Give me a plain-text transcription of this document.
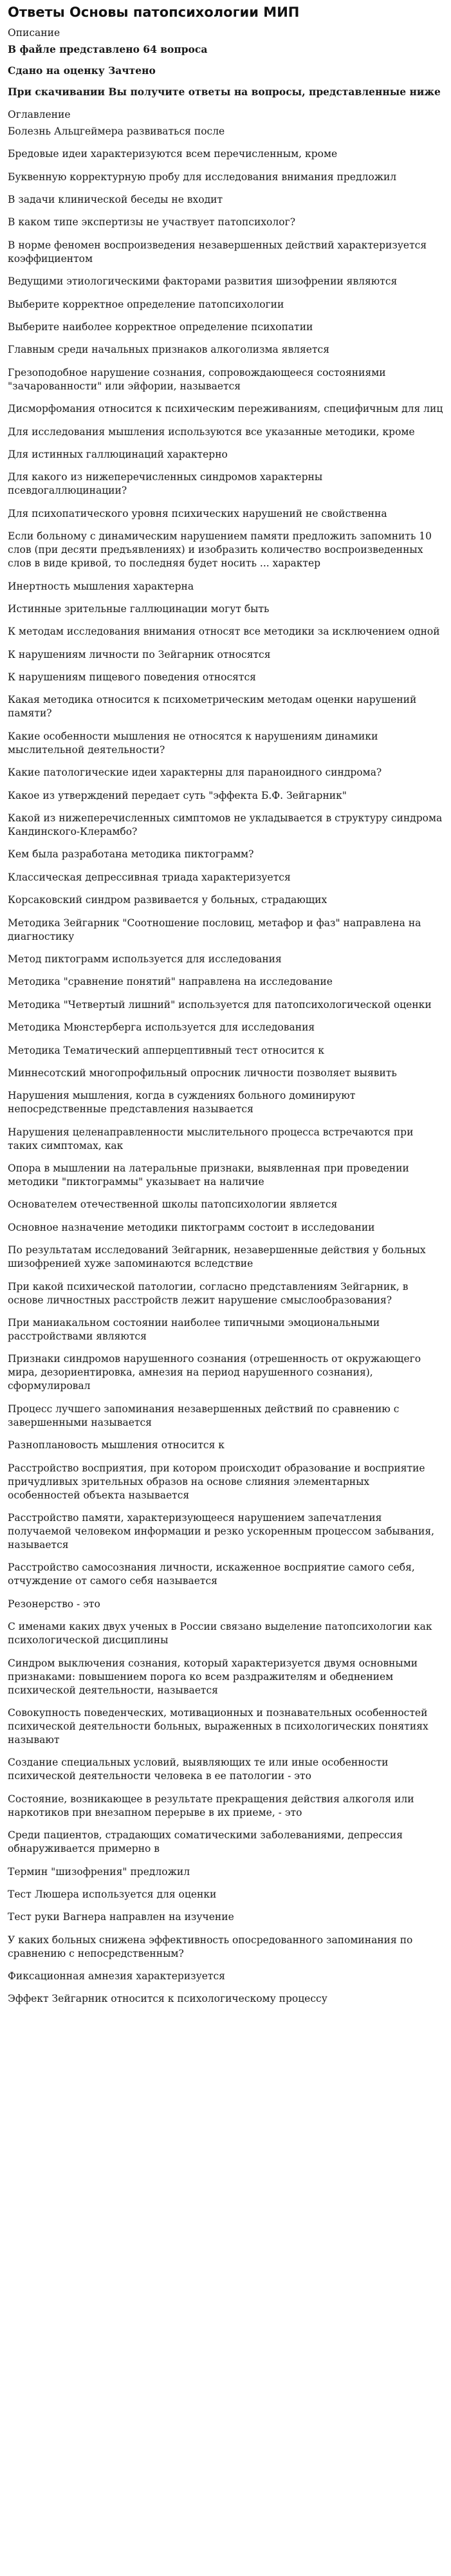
Ответы Основы патопсихологии МИП
Описание
В файле представлено 64 вопроса
Сдано на оценку Зачтено
При скачивании Вы получите ответы на вопросы, представленные ниже
Оглавление
Болезнь Альцгеймера развиваться после
Бредовые идеи характеризуются всем перечисленным, кроме
Буквенную корректурную пробу для исследования внимания предложил
В задачи клинической беседы не входит
В каком типе экспертизы не участвует патопсихолог?
В норме феномен воспроизведения незавершенных действий характеризуется коэффициентом
Ведущими этиологическими факторами развития шизофрении являются
Выберите корректное определение патопсихологии
Выберите наиболее корректное определение психопатии
Главным среди начальных признаков алкоголизма является
Грезоподобное нарушение сознания, сопровождающееся состояниями "зачарованности" или эйфории, называется
Дисморфомания относится к психическим переживаниям, специфичным для лиц
Для исследования мышления используются все указанные методики, кроме
Для истинных галлюцинаций характерно
Для какого из нижеперечисленных синдромов характерны псевдогаллюцинации?
Для психопатического уровня психических нарушений не свойственна
Если больному с динамическим нарушением памяти предложить запомнить 10 слов (при десяти предъявлениях) и изобразить количество воспроизведенных слов в виде кривой, то последняя будет носить ... характер
Инертность мышления характерна
Истинные зрительные галлюцинации могут быть
К методам исследования внимания относят все методики за исключением одной
К нарушениям личности по Зейгарник относятся
К нарушениям пищевого поведения относятся
Какая методика относится к психометрическим методам оценки нарушений памяти?
Какие особенности мышления не относятся к нарушениям динамики мыслительной деятельности?
Какие патологические идеи характерны для параноидного синдрома?
Какое из утверждений передает суть "эффекта Б.Ф. Зейгарник"
Какой из нижеперечисленных симптомов не укладывается в структуру синдрома Кандинского-Клерамбо?
Кем была разработана методика пиктограмм?
Классическая депрессивная триада характеризуется
Корсаковский синдром развивается у больных, страдающих
Методика Зейгарник "Соотношение пословиц, метафор и фаз" направлена на диагностику
Метод пиктограмм используется для исследования
Методика "сравнение понятий" направлена на исследование
Методика "Четвертый лишний" используется для патопсихологической оценки
Методика Мюнстерберга используется для исследования
Методика Тематический апперцептивный тест относится к
Миннесотский многопрофильный опросник личности позволяет выявить
Нарушения мышления, когда в суждениях больного доминируют непосредственные представления называется
Нарушения целенаправленности мыслительного процесса встречаются при таких симптомах, как
Опора в мышлении на латеральные признаки, выявленная при проведении методики "пиктограммы" указывает на наличие
Основателем отечественной школы патопсихологии является
Основное назначение методики пиктограмм состоит в исследовании
По результатам исследований Зейгарник, незавершенные действия у больных шизофренией хуже запоминаются вследствие
При какой психической патологии, согласно представлениям Зейгарник, в основе личностных расстройств лежит нарушение смыслообразования?
При маниакальном состоянии наиболее типичными эмоциональными расстройствами являются
Признаки синдромов нарушенного сознания (отрешенность от окружающего мира, дезориентировка, амнезия на период нарушенного сознания), сформулировал
Процесс лучшего запоминания незавершенных действий по сравнению с завершенными называется
Разноплановость мышления относится к
Расстройство восприятия, при котором происходит образование и восприятие причудливых зрительных образов на основе слияния элементарных особенностей объекта называется
Расстройство памяти, характеризующееся нарушением запечатления получаемой человеком информации и резко ускоренным процессом забывания, называется
Расстройство самосознания личности, искаженное восприятие самого себя, отчуждение от самого себя называется
Резонерство - это
С именами каких двух ученых в России связано выделение патопсихологии как психологической дисциплины
Синдром выключения сознания, который характеризуется двумя основными признаками: повышением порога ко всем раздражителям и обеднением психической деятельности, называется
Совокупность поведенческих, мотивационных и познавательных особенностей психической деятельности больных, выраженных в психологических понятиях называют
Создание специальных условий, выявляющих те или иные особенности психической деятельности человека в ее патологии - это
Состояние, возникающее в результате прекращения действия алкоголя или наркотиков при внезапном перерыве в их приеме, - это
Среди пациентов, страдающих соматическими заболеваниями, депрессия обнаруживается примерно в
Термин "шизофрения" предложил
Тест Люшера используется для оценки
Тест руки Вагнера направлен на изучение
У каких больных снижена эффективность опосредованного запоминания по сравнению с непосредственным?
Фиксационная амнезия характеризуется
Эффект Зейгарник относится к психологическому процессу
